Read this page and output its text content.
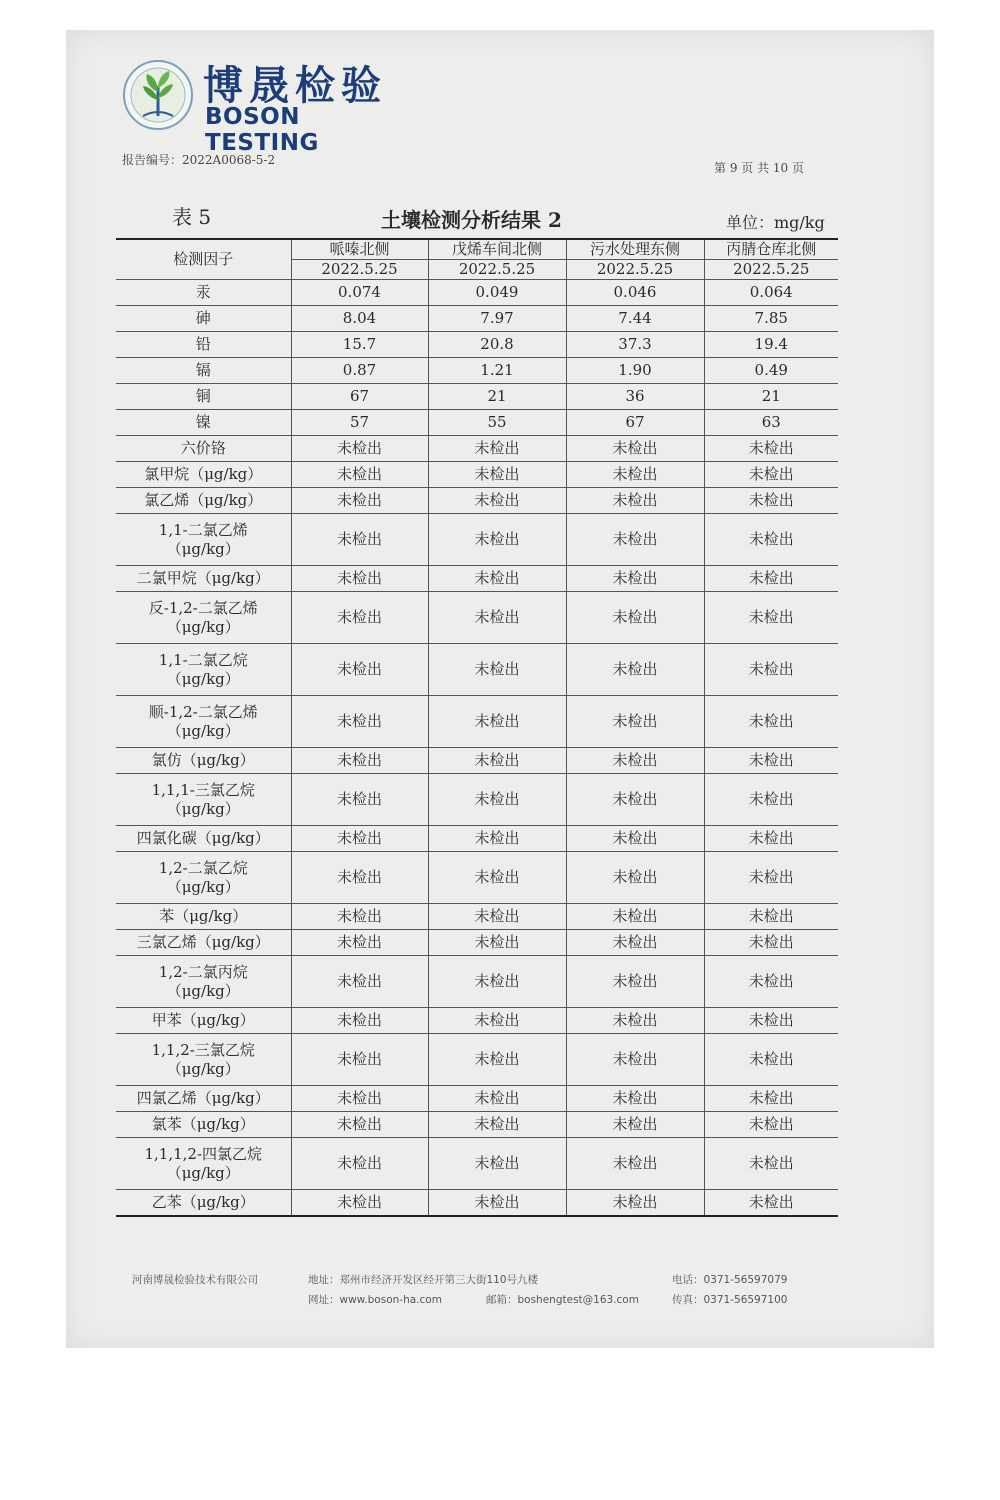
博晟检验
BOSON TESTING
报告编号：2022A0068-5-2
第 9 页 共 10 页
表 5	土壤检测分析结果 2	单位：mg/kg
检测因子	哌嗪北侧	戊烯车间北侧	污水处理东侧	丙腈仓库北侧
	2022.5.25	2022.5.25	2022.5.25	2022.5.25

汞	0.074	0.049	0.046	0.064

砷	8.04	7.97	7.44	7.85

铅	15.7	20.8	37.3	19.4

镉	0.87	1.21	1.90	0.49

铜	67	21	36	21

镍	57	55	67	63

六价铬	未检出	未检出	未检出	未检出

氯甲烷（μg/kg）	未检出	未检出	未检出	未检出

氯乙烯（μg/kg）	未检出	未检出	未检出	未检出

1,1-二氯乙烯
（μg/kg）	未检出	未检出	未检出	未检出

二氯甲烷（μg/kg）	未检出	未检出	未检出	未检出

反-1,2-二氯乙烯
（μg/kg）	未检出	未检出	未检出	未检出

1,1-二氯乙烷
（μg/kg）	未检出	未检出	未检出	未检出

顺-1,2-二氯乙烯
（μg/kg）	未检出	未检出	未检出	未检出

氯仿（μg/kg）	未检出	未检出	未检出	未检出

1,1,1-三氯乙烷
（μg/kg）	未检出	未检出	未检出	未检出

四氯化碳（μg/kg）	未检出	未检出	未检出	未检出

1,2-二氯乙烷
（μg/kg）	未检出	未检出	未检出	未检出

苯（μg/kg）	未检出	未检出	未检出	未检出

三氯乙烯（μg/kg）	未检出	未检出	未检出	未检出

1,2-二氯丙烷
（μg/kg）	未检出	未检出	未检出	未检出

甲苯（μg/kg）	未检出	未检出	未检出	未检出

1,1,2-三氯乙烷
（μg/kg）	未检出	未检出	未检出	未检出

四氯乙烯（μg/kg）	未检出	未检出	未检出	未检出

氯苯（μg/kg）	未检出	未检出	未检出	未检出

1,1,1,2-四氯乙烷
（μg/kg）	未检出	未检出	未检出	未检出

乙苯（μg/kg）	未检出	未检出	未检出	未检出
河南博晟检验技术有限公司	地址：郑州市经济开发区经开第三大街110号九楼	电话：0371-56597079
网址：www.boson-ha.com	邮箱：boshengtest@163.com	传真：0371-56597100
